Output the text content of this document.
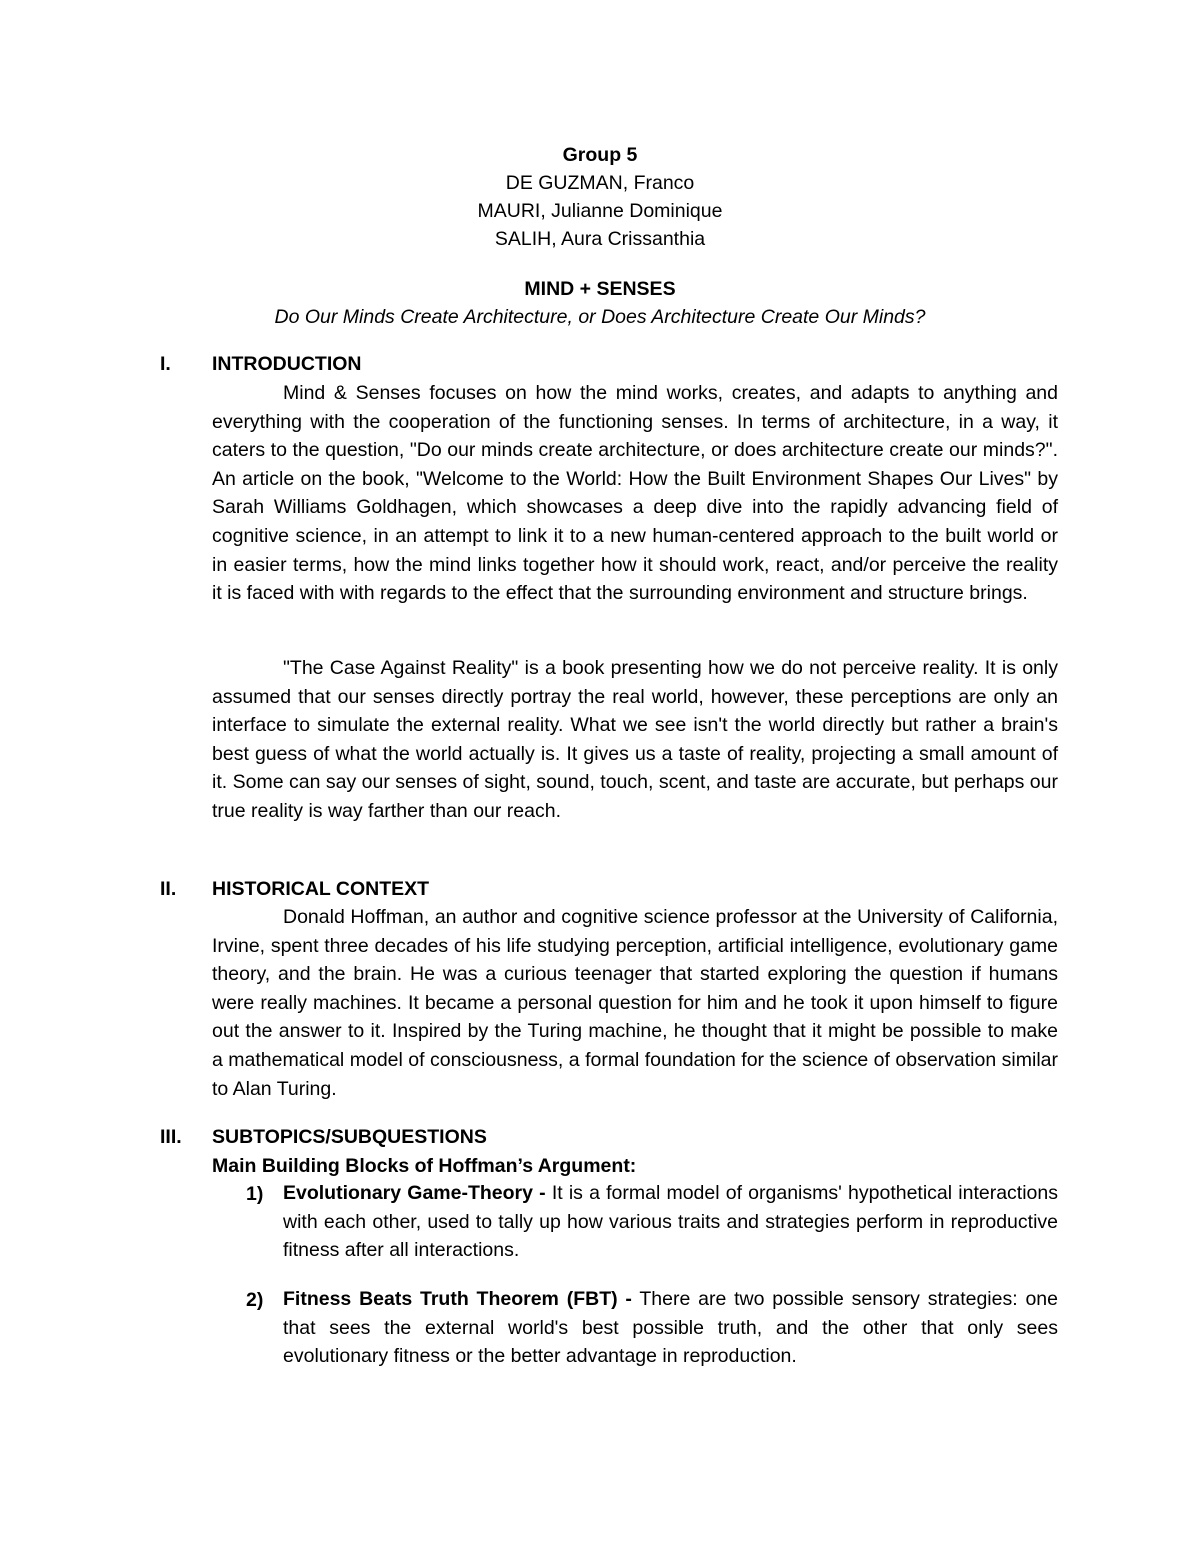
Group 5
DE GUZMAN, Franco
MAURI, Julianne Dominique
SALIH, Aura Crissanthia
MIND + SENSES
Do Our Minds Create Architecture, or Does Architecture Create Our Minds?
I. INTRODUCTION

Mind & Senses focuses on how the mind works, creates, and adapts to anything and everything with the cooperation of the functioning senses. In terms of architecture, in a way, it caters to the question, "Do our minds create architecture, or does architecture create our minds?". An article on the book, "Welcome to the World: How the Built Environment Shapes Our Lives" by Sarah Williams Goldhagen, which showcases a deep dive into the rapidly advancing field of cognitive science, in an attempt to link it to a new human-centered approach to the built world or in easier terms, how the mind links together how it should work, react, and/or perceive the reality it is faced with with regards to the effect that the surrounding environment and structure brings.

"The Case Against Reality" is a book presenting how we do not perceive reality. It is only assumed that our senses directly portray the real world, however, these perceptions are only an interface to simulate the external reality. What we see isn't the world directly but rather a brain's best guess of what the world actually is. It gives us a taste of reality, projecting a small amount of it. Some can say our senses of sight, sound, touch, scent, and taste are accurate, but perhaps our true reality is way farther than our reach.

II. HISTORICAL CONTEXT

Donald Hoffman, an author and cognitive science professor at the University of California, Irvine, spent three decades of his life studying perception, artificial intelligence, evolutionary game theory, and the brain. He was a curious teenager that started exploring the question if humans were really machines. It became a personal question for him and he took it upon himself to figure out the answer to it. Inspired by the Turing machine, he thought that it might be possible to make a mathematical model of consciousness, a formal foundation for the science of observation similar to Alan Turing.

III. SUBTOPICS/SUBQUESTIONS
Main Building Blocks of Hoffman’s Argument:
1) Evolutionary Game-Theory - It is a formal model of organisms' hypothetical interactions with each other, used to tally up how various traits and strategies perform in reproductive fitness after all interactions.

2) Fitness Beats Truth Theorem (FBT) - There are two possible sensory strategies: one that sees the external world's best possible truth, and the other that only sees evolutionary fitness or the better advantage in reproduction.
